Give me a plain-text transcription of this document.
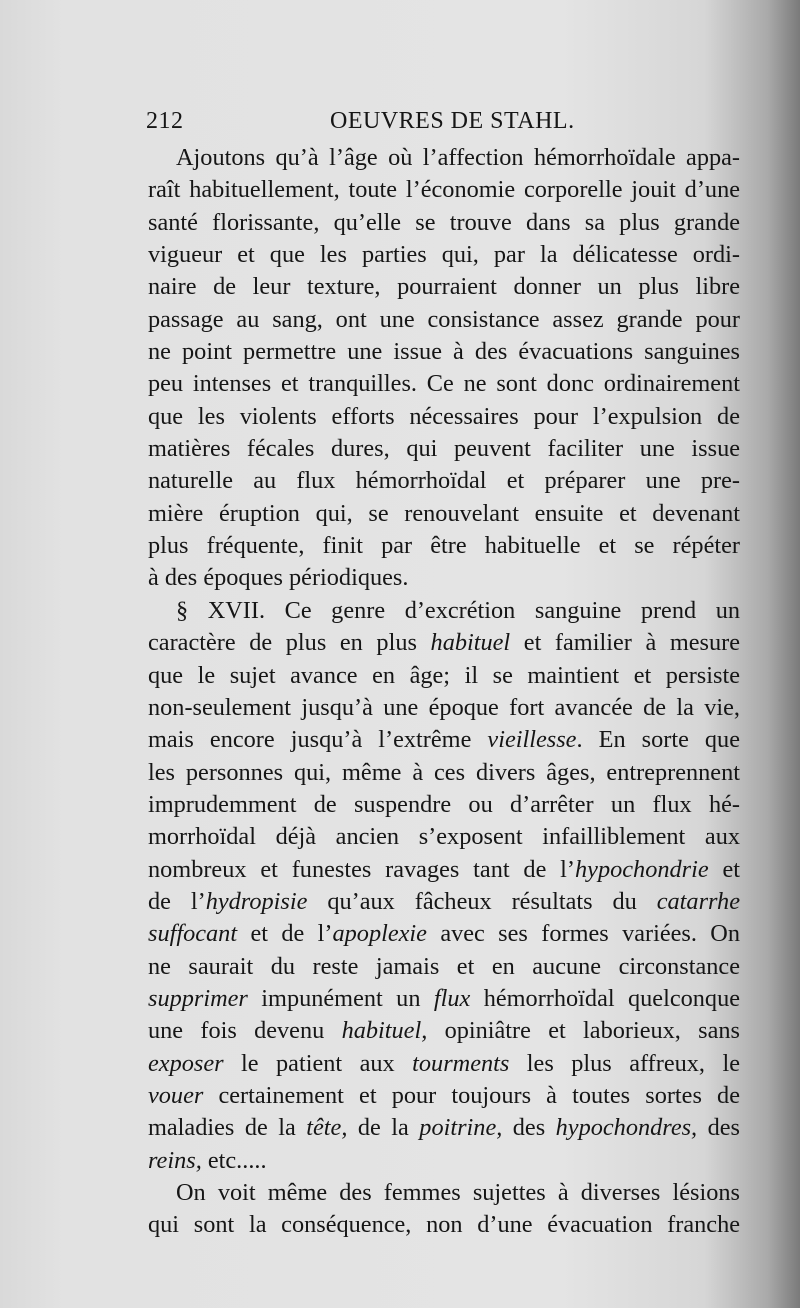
212	OEUVRES DE STAHL.
Ajoutons qu’à l’âge où l’affection hémorrhoïdale appa-
raît habituellement, toute l’économie corporelle jouit d’une
santé florissante, qu’elle se trouve dans sa plus grande
vigueur et que les parties qui, par la délicatesse ordi-
naire de leur texture, pourraient donner un plus libre
passage au sang, ont une consistance assez grande pour
ne point permettre une issue à des évacuations sanguines
peu intenses et tranquilles. Ce ne sont donc ordinairement
que les violents efforts nécessaires pour l’expulsion de
matières fécales dures, qui peuvent faciliter une issue
naturelle au flux hémorrhoïdal et préparer une pre-
mière éruption qui, se renouvelant ensuite et devenant
plus fréquente, finit par être habituelle et se répéter
à des époques périodiques.
§ XVII. Ce genre d’excrétion sanguine prend un
caractère de plus en plus habituel et familier à mesure
que le sujet avance en âge; il se maintient et persiste
non-seulement jusqu’à une époque fort avancée de la vie,
mais encore jusqu’à l’extrême vieillesse. En sorte que
les personnes qui, même à ces divers âges, entreprennent
imprudemment de suspendre ou d’arrêter un flux hé-
morrhoïdal déjà ancien s’exposent infailliblement aux
nombreux et funestes ravages tant de l’hypochondrie et
de l’hydropisie qu’aux fâcheux résultats du catarrhe
suffocant et de l’apoplexie avec ses formes variées. On
ne saurait du reste jamais et en aucune circonstance
supprimer impunément un flux hémorrhoïdal quelconque
une fois devenu habituel, opiniâtre et laborieux, sans
exposer le patient aux tourments les plus affreux, le
vouer certainement et pour toujours à toutes sortes de
maladies de la tête, de la poitrine, des hypochondres, des
reins, etc.....
On voit même des femmes sujettes à diverses lésions
qui sont la conséquence, non d’une évacuation franche
